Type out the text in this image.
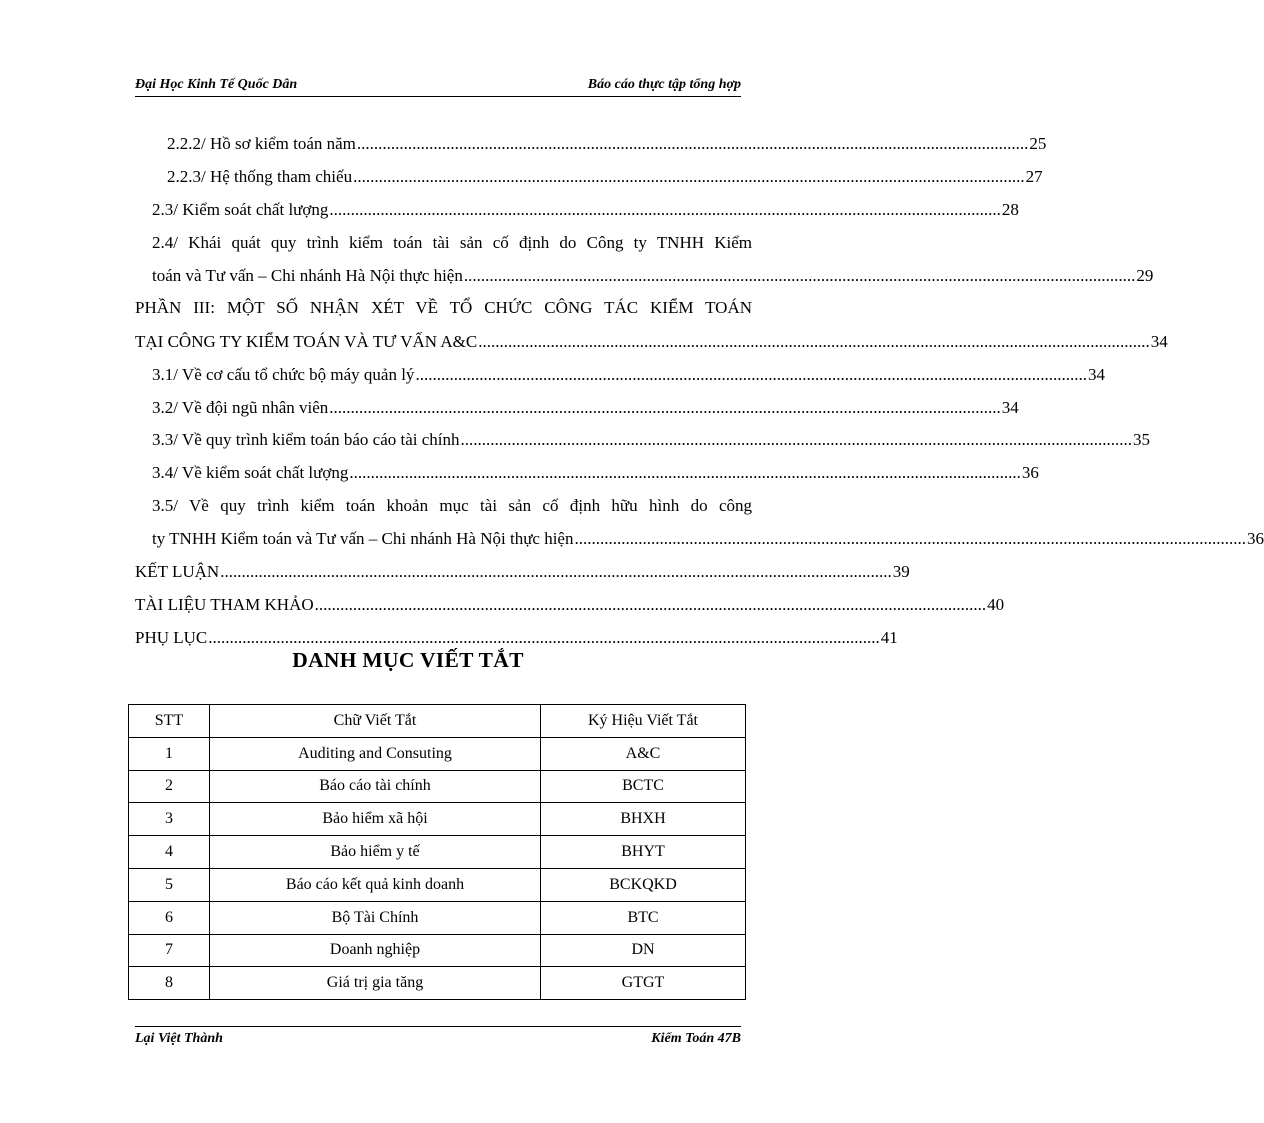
Đại Học Kinh Tế Quốc Dân	Báo cáo thực tập tổng hợp
2.2.2/ Hồ sơ kiểm toán năm .............................................................................................................................................................. 25
2.2.3/ Hệ thống tham chiếu .............................................................................................................................................................. 27
2.3/ Kiểm soát chất lượng .............................................................................................................................................................. 28
2.4/ Khái quát quy trình kiểm toán tài sản cố định do Công ty TNHH Kiểm
toán và Tư vấn – Chi nhánh Hà Nội thực hiện .............................................................................................................................................................. 29
PHẦN III: MỘT SỐ NHẬN XÉT VỀ TỔ CHỨC CÔNG TÁC KIỂM TOÁN
TẠI CÔNG TY KIỂM TOÁN VÀ TƯ VẤN A&C .............................................................................................................................................................. 34
3.1/ Về cơ cấu tổ chức bộ máy quản lý .............................................................................................................................................................. 34
3.2/ Về đội ngũ nhân viên .............................................................................................................................................................. 34
3.3/ Về quy trình kiểm toán báo cáo tài chính .............................................................................................................................................................. 35
3.4/ Về kiểm soát chất lượng .............................................................................................................................................................. 36
3.5/ Về quy trình kiểm toán khoản mục tài sản cố định hữu hình do công
ty TNHH Kiểm toán và Tư vấn – Chi nhánh Hà Nội thực hiện .............................................................................................................................................................. 36
KẾT LUẬN .............................................................................................................................................................. 39
TÀI LIỆU THAM KHẢO .............................................................................................................................................................. 40
PHỤ LỤC .............................................................................................................................................................. 41
DANH MỤC VIẾT TẮT
STT	Chữ Viết Tắt	Ký Hiệu Viết Tắt
1	Auditing and Consuting	A&C
2	Báo cáo tài chính	BCTC
3	Bảo hiểm xã hội	BHXH
4	Bảo hiểm y tế	BHYT
5	Báo cáo kết quả kinh doanh	BCKQKD
6	Bộ Tài Chính	BTC
7	Doanh nghiệp	DN
8	Giá trị gia tăng	GTGT
Lại Việt Thành	Kiểm Toán 47B
